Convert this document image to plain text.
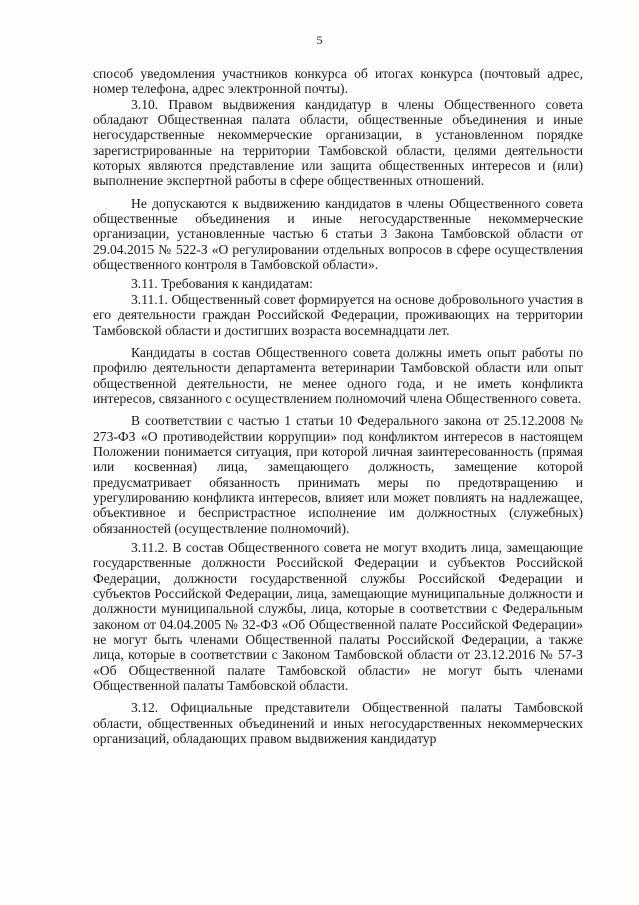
5

способ уведомления участников конкурса об итогах конкурса (почтовый адрес, номер телефона, адрес электронной почты).

3.10. Правом выдвижения кандидатур в члены Общественного совета обладают Общественная палата области, общественные объединения и иные негосударственные некоммерческие организации, в установленном порядке зарегистрированные на территории Тамбовской области, целями деятельности которых являются представление или защита общественных интересов и (или) выполнение экспертной работы в сфере общественных отношений.

Не допускаются к выдвижению кандидатов в члены Общественного совета общественные объединения и иные негосударственные некоммерческие организации, установленные частью 6 статьи 3 Закона Тамбовской области от 29.04.2015 № 522-З «О регулировании отдельных вопросов в сфере осуществления общественного контроля в Тамбовской области».

3.11. Требования к кандидатам:

3.11.1. Общественный совет формируется на основе добровольного участия в его деятельности граждан Российской Федерации, проживающих на территории Тамбовской области и достигших возраста восемнадцати лет.

Кандидаты в состав Общественного совета должны иметь опыт работы по профилю деятельности департамента ветеринарии Тамбовской области или опыт общественной деятельности, не менее одного года, и не иметь конфликта интересов, связанного с осуществлением полномочий члена Общественного совета.

В соответствии с частью 1 статьи 10 Федерального закона от 25.12.2008 № 273-ФЗ «О противодействии коррупции» под конфликтом интересов в настоящем Положении понимается ситуация, при которой личная заинтересованность (прямая или косвенная) лица, замещающего должность, замещение которой предусматривает обязанность принимать меры по предотвращению и урегулированию конфликта интересов, влияет или может повлиять на надлежащее, объективное и беспристрастное исполнение им должностных (служебных) обязанностей (осуществление полномочий).

3.11.2. В состав Общественного совета не могут входить лица, замещающие государственные должности Российской Федерации и субъектов Российской Федерации, должности государственной службы Российской Федерации и субъектов Российской Федерации, лица, замещающие муниципальные должности и должности муниципальной службы, лица, которые в соответствии с Федеральным законом от 04.04.2005 № 32-ФЗ «Об Общественной палате Российской Федерации» не могут быть членами Общественной палаты Российской Федерации, а также лица, которые в соответствии с Законом Тамбовской области от 23.12.2016 № 57-З «Об Общественной палате Тамбовской области» не могут быть членами Общественной палаты Тамбовской области.

3.12. Официальные представители Общественной палаты Тамбовской области, общественных объединений и иных негосударственных некоммерческих организаций, обладающих правом выдвижения кандидатур
